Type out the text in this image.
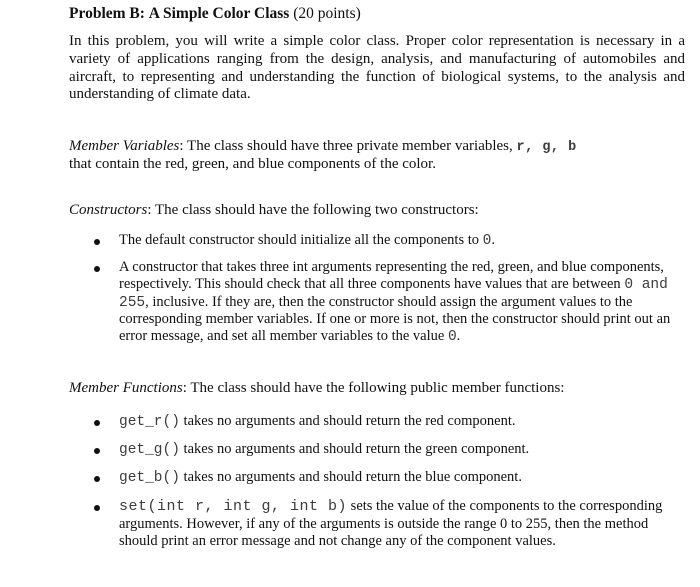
Problem B: A Simple Color Class (20 points)
In this problem, you will write a simple color class. Proper color representation is necessary in a variety of applications ranging from the design, analysis, and manufacturing of automobiles and aircraft, to representing and understanding the function of biological systems, to the analysis and understanding of climate data.
Member Variables: The class should have three private member variables, r, g, b
that contain the red, green, and blue components of the color.
Constructors: The class should have the following two constructors:
The default constructor should initialize all the components to 0.
A constructor that takes three int arguments representing the red, green, and blue components, respectively. This should check that all three components have values that are between 0 and 255, inclusive. If they are, then the constructor should assign the argument values to the corresponding member variables. If one or more is not, then the constructor should print out an error message, and set all member variables to the value 0.
Member Functions: The class should have the following public member functions:
get_r() takes no arguments and should return the red component.
get_g() takes no arguments and should return the green component.
get_b() takes no arguments and should return the blue component.
set(int r, int g, int b) sets the value of the components to the corresponding arguments. However, if any of the arguments is outside the range 0 to 255, then the method should print an error message and not change any of the component values.
